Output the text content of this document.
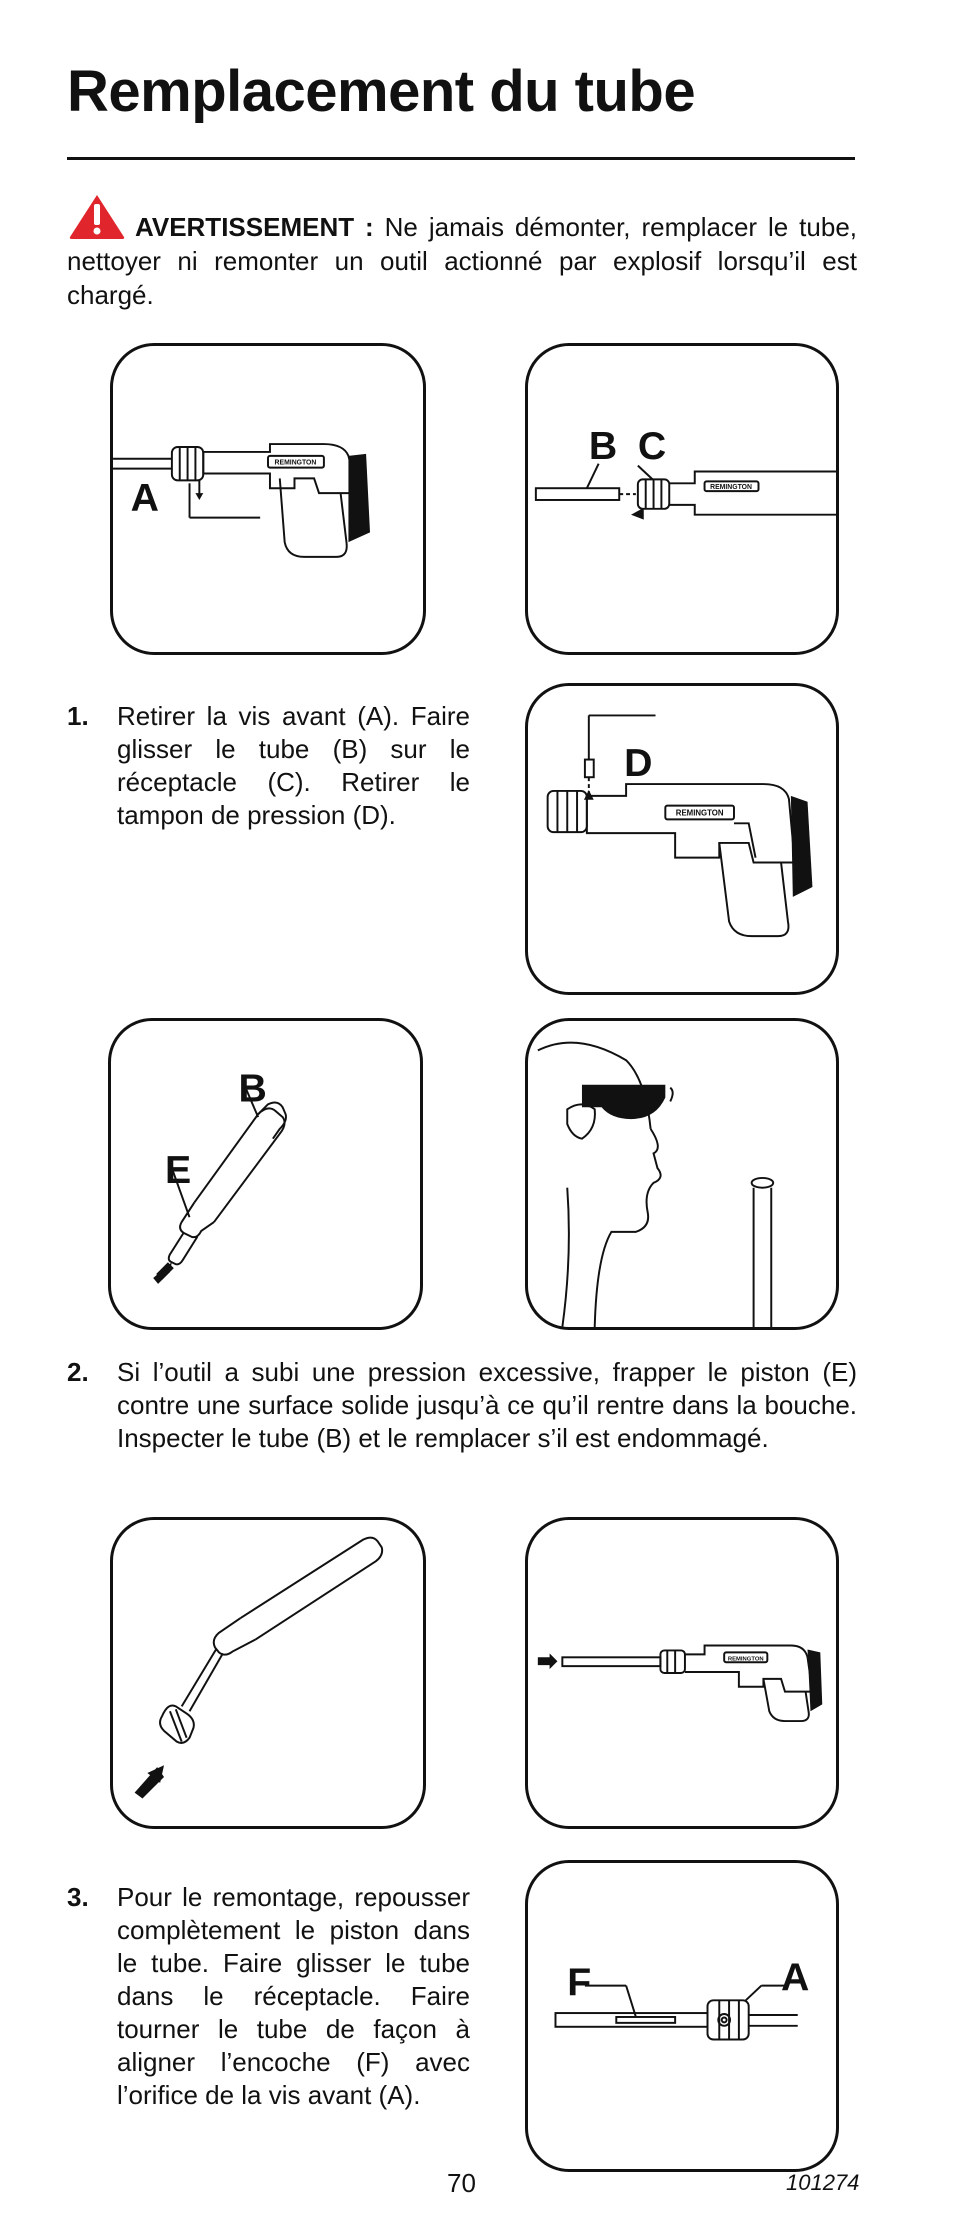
Remplacement du tube
AVERTISSEMENT : Ne jamais démonter, remplacer le tube, nettoyer ni remonter un outil actionné par explosif lorsqu’il est chargé.
REMINGTON
A	REMINGTON
B C
1. Retirer la vis avant (A). Faire glisser le tube (B) sur le réceptacle (C). Retirer le tampon de pression (D).	REMINGTON
D
B
E
2. Si l’outil a subi une pression excessive, frapper le piston (E) contre une surface solide jusqu’à ce qu’il rentre dans la bouche. Inspecter le tube (B) et le remplacer s’il est endommagé.
REMINGTON
3. Pour le remontage, repousser complètement le piston dans le tube. Faire glisser le tube dans le réceptacle. Faire tourner le tube de façon à aligner l’encoche (F) avec l’orifice de la vis avant (A).
F	A
70	101274
